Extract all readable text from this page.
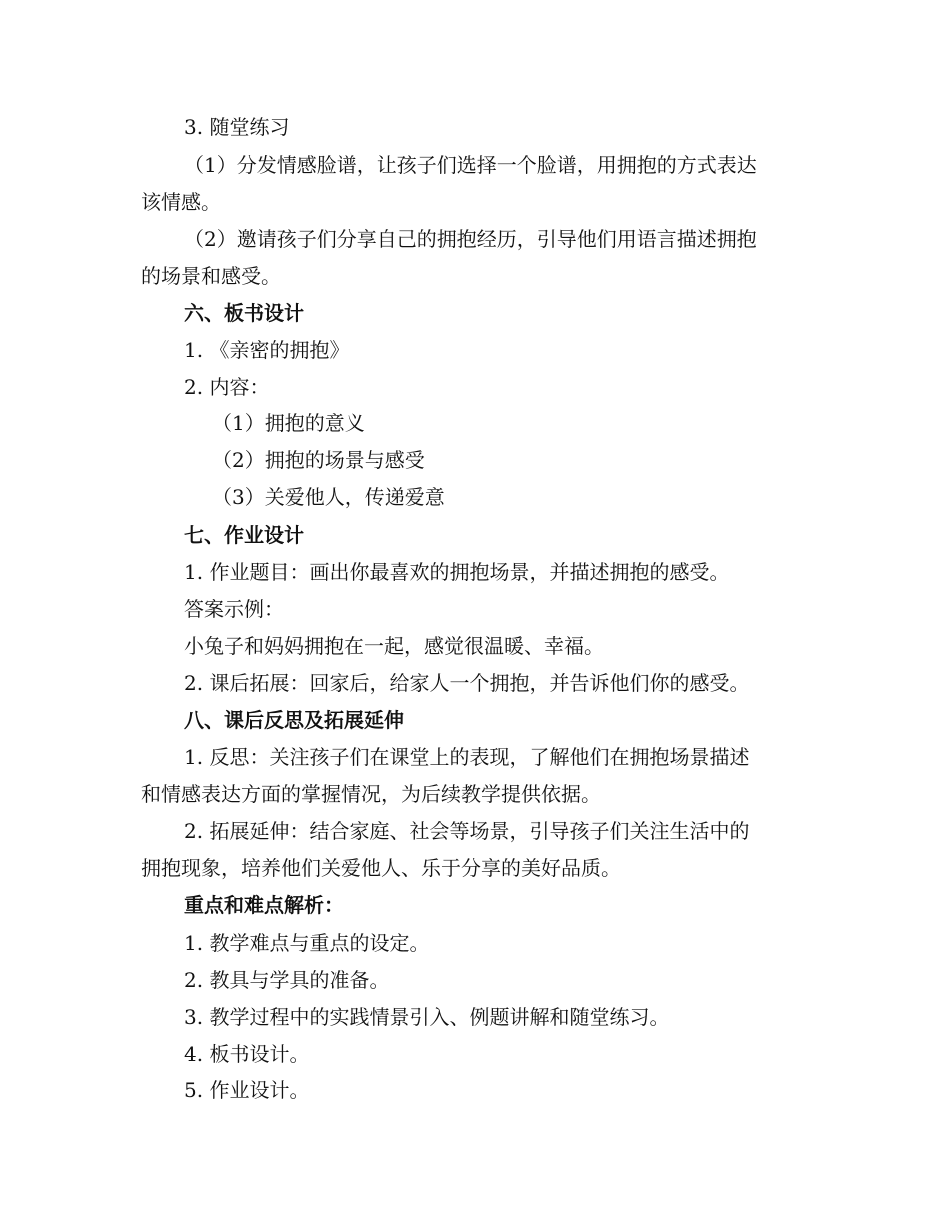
3. 随堂练习
（1）分发情感脸谱，让孩子们选择一个脸谱，用拥抱的方式表达
该情感。
（2）邀请孩子们分享自己的拥抱经历，引导他们用语言描述拥抱
的场景和感受。
六、板书设计
1. 《亲密的拥抱》
2. 内容：
（1）拥抱的意义
（2）拥抱的场景与感受
（3）关爱他人，传递爱意
七、作业设计
1. 作业题目：画出你最喜欢的拥抱场景，并描述拥抱的感受。
答案示例：
小兔子和妈妈拥抱在一起，感觉很温暖、幸福。
2. 课后拓展：回家后，给家人一个拥抱，并告诉他们你的感受。
八、课后反思及拓展延伸
1. 反思：关注孩子们在课堂上的表现，了解他们在拥抱场景描述
和情感表达方面的掌握情况，为后续教学提供依据。
2. 拓展延伸：结合家庭、社会等场景，引导孩子们关注生活中的
拥抱现象，培养他们关爱他人、乐于分享的美好品质。
重点和难点解析：
1. 教学难点与重点的设定。
2. 教具与学具的准备。
3. 教学过程中的实践情景引入、例题讲解和随堂练习。
4. 板书设计。
5. 作业设计。
